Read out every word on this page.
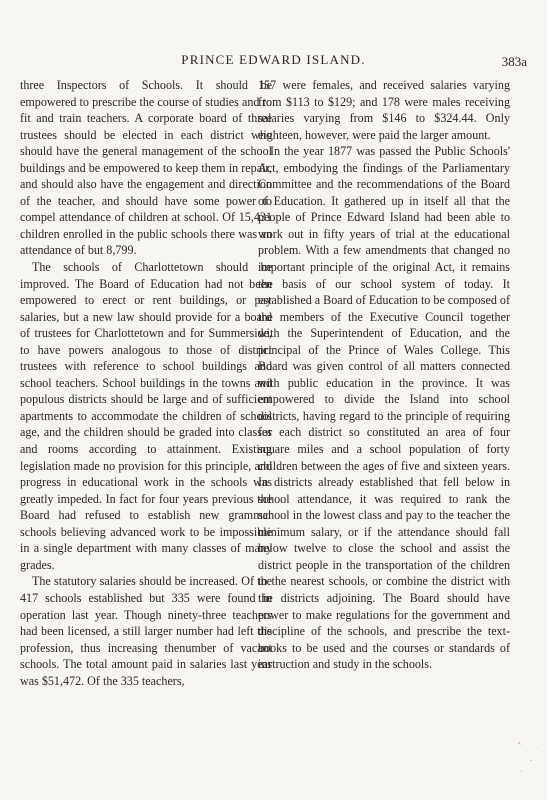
PRINCE EDWARD ISLAND.	383a

three Inspectors of Schools. It should be empowered to prescribe the course of studies and to fit and train teachers. A corporate board of three trustees should be elected in each district who should have the general management of the school buildings and be empowered to keep them in repair, and should also have the engagement and direction of the teacher, and should have some power to compel attendance of children at school. Of 15,431 children enrolled in the public schools there was an attendance of but 8,799.

The schools of Charlottetown should be improved. The Board of Education had not been empowered to erect or rent buildings, or pay salaries, but a new law should provide for a board of trustees for Charlottetown and for Summerside, to have powers analogous to those of district trustees with reference to school buildings and school teachers. School buildings in the towns and populous districts should be large and of sufficient apartments to accommodate the children of school age, and the children should be graded into classes and rooms according to attainment. Existing legislation made no provision for this principle, and progress in educational work in the schools was greatly impeded. In fact for four years previous the Board had refused to establish new grammar schools believing advanced work to be impossible in a single department with many classes of many grades.

The statutory salaries should be increased. Of the 417 schools established but 335 were found in operation last year. Though ninety-three teachers had been licensed, a still larger number had left the profession, thus increasing thenumber of vacant schools. The total amount paid in salaries last year was $51,472. Of the 335 teachers,

157 were females, and received salaries varying from $113 to $129; and 178 were males receiving salaries varying from $146 to $324.44. Only eighteen, however, were paid the larger amount.

In the year 1877 was passed the Public Schools' Act, embodying the findings of the Parliamentary Committee and the recommendations of the Board of Education. It gathered up in itself all that the people of Prince Edward Island had been able to work out in fifty years of trial at the educational problem. With a few amendments that changed no important principle of the original Act, it remains the basis of our school system of today. It established a Board of Education to be composed of the members of the Executive Council together with the Superintendent of Education, and the principal of the Prince of Wales College. This Board was given control of all matters connected with public education in the province. It was empowered to divide the Island into school districts, having regard to the principle of requiring for each district so constituted an area of four square miles and a school population of forty children between the ages of five and sixteen years. In districts already established that fell below in school attendance, it was required to rank the school in the lowest class and pay to the teacher the minimum salary, or if the attendance should fall below twelve to close the school and assist the district people in the transportation of the children to the nearest schools, or combine the district with the districts adjoining. The Board should have power to make regulations for the government and discipline of the schools, and prescribe the text-books to be used and the courses or standards of instruction and study in the schools.
